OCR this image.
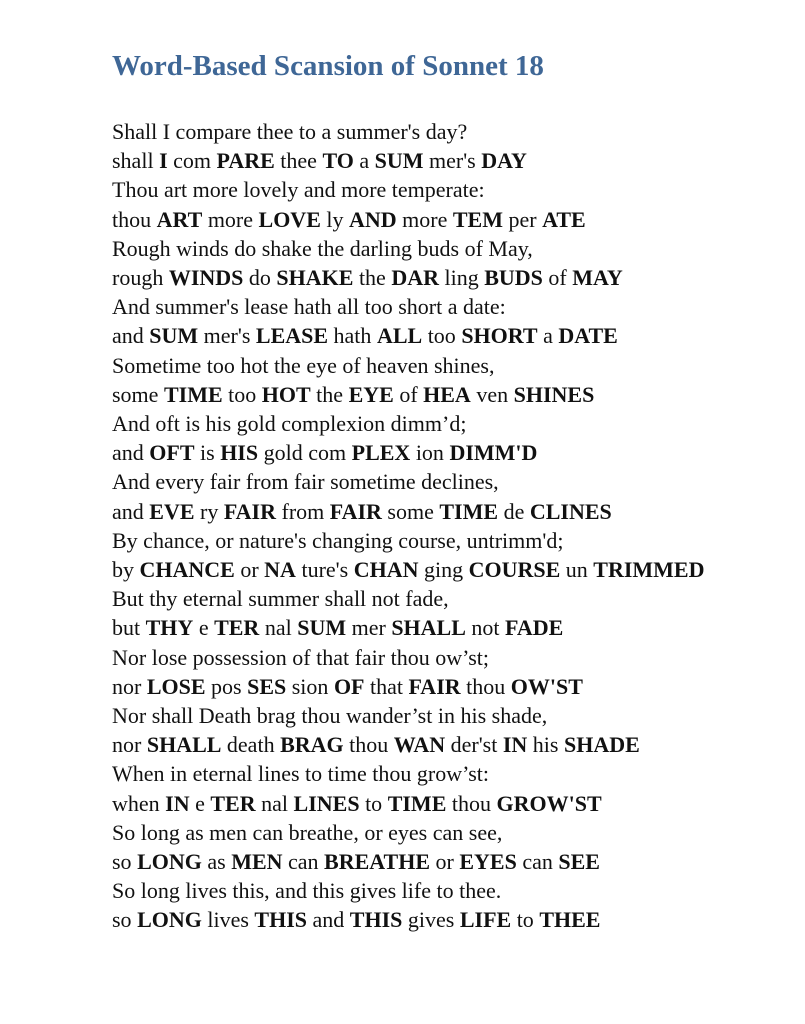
Word-Based Scansion of Sonnet 18
Shall I compare thee to a summer's day?
shall I com PARE thee TO a SUM mer's DAY
Thou art more lovely and more temperate:
thou ART more LOVE ly AND more TEM per ATE
Rough winds do shake the darling buds of May,
rough WINDS do SHAKE the DAR ling BUDS of MAY
And summer's lease hath all too short a date:
and SUM mer's LEASE hath ALL too SHORT a DATE
Sometime too hot the eye of heaven shines,
some TIME too HOT the EYE of HEA ven SHINES
And oft is his gold complexion dimm’d;
and OFT is HIS gold com PLEX ion DIMM'D
And every fair from fair sometime declines,
and EVE ry FAIR from FAIR some TIME de CLINES
By chance, or nature's changing course, untrimm'd;
by CHANCE or NA ture's CHAN ging COURSE un TRIMMED
But thy eternal summer shall not fade,
but THY e TER nal SUM mer SHALL not FADE
Nor lose possession of that fair thou ow’st;
nor LOSE pos SES sion OF that FAIR thou OW'ST
Nor shall Death brag thou wander’st in his shade,
nor SHALL death BRAG thou WAN der'st IN his SHADE
When in eternal lines to time thou grow’st:
when IN e TER nal LINES to TIME thou GROW'ST
So long as men can breathe, or eyes can see,
so LONG as MEN can BREATHE or EYES can SEE
So long lives this, and this gives life to thee.
so LONG lives THIS and THIS gives LIFE to THEE
